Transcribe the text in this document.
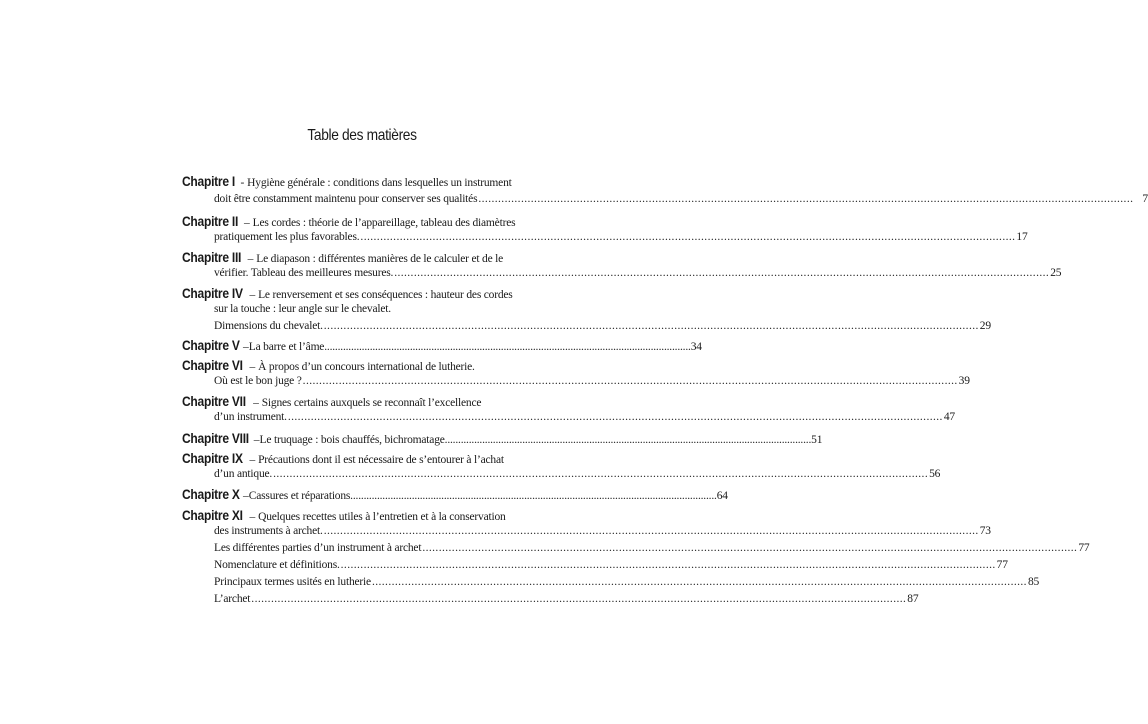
Table des matières
Chapitre I - Hygiène générale : conditions dans lesquelles un instrument
doit être constamment maintenu pour conserver ses qualités .....	7
Chapitre II – Les cordes : théorie de l’appareillage, tableau des diamètres
pratiquement les plus favorables. .....	17
Chapitre III – Le diapason : différentes manières de le calculer et de le
vérifier. Tableau des meilleures mesures. .....	25
Chapitre IV – Le renversement et ses conséquences : hauteur des cordes
sur la touche : leur angle sur le chevalet.
Dimensions du chevalet. .....	29
Chapitre V – La barre et l’âme. ........................................................................................................................................ 34
Chapitre VI – À propos d’un concours international de lutherie.
Où est le bon juge ? .....	39
Chapitre VII – Signes certains auxquels se reconnaît l’excellence
d’un instrument. .....	47
Chapitre VIII – Le truquage : bois chauffés, bichromatage. ........................................................................................................................................ 51
Chapitre IX – Précautions dont il est nécessaire de s’entourer à l’achat
d’un antique. .....	56
Chapitre X – Cassures et réparations. ........................................................................................................................................ 64
Chapitre XI – Quelques recettes utiles à l’entretien et à la conservation
des instruments à archet. .....	73
Les différentes parties d’un instrument à archet .....	77
Nomenclature et définitions. .....	77
Principaux termes usités en lutherie .....	85
L’archet .....	87
